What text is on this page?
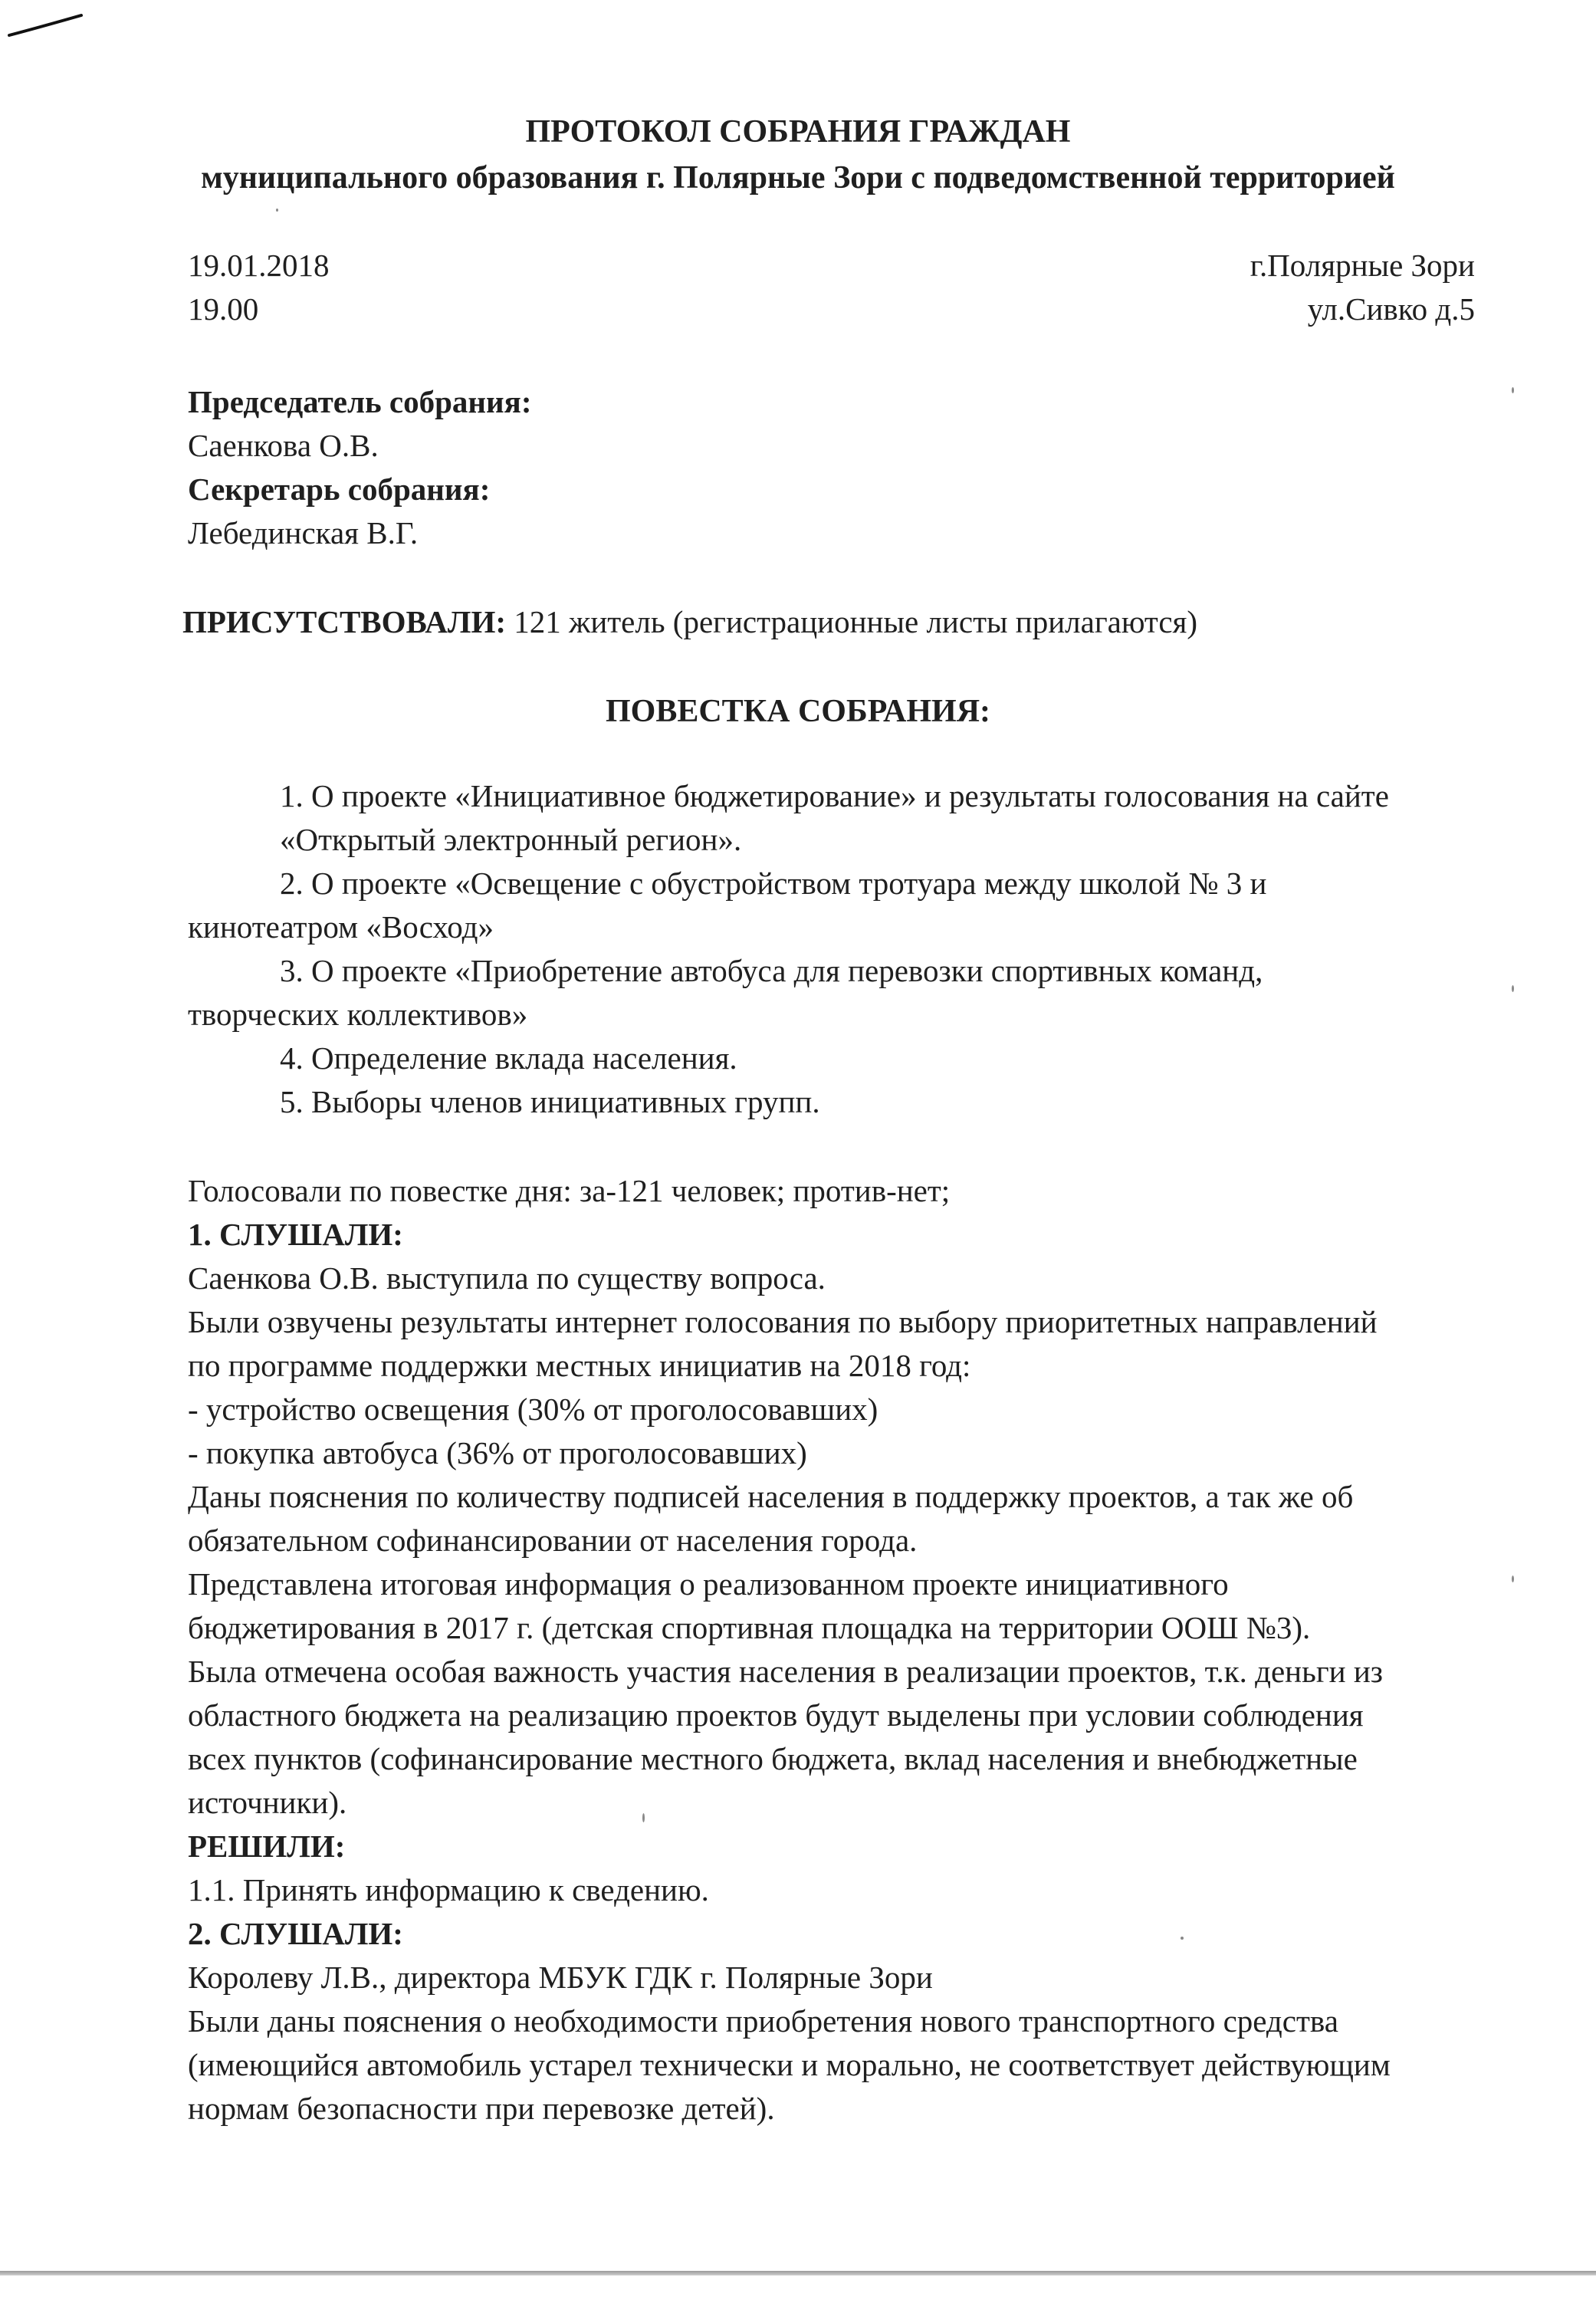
ПРОТОКОЛ СОБРАНИЯ ГРАЖДАН
муниципального образования г. Полярные Зори с подведомственной территорией
19.01.2018
19.00
г.Полярные Зори
ул.Сивко д.5
Председатель собрания:
Саенкова О.В.
Секретарь собрания:
Лебединская В.Г.
ПРИСУТСТВОВАЛИ: 121 житель (регистрационные листы прилагаются)
ПОВЕСТКА СОБРАНИЯ:
1. О проекте «Инициативное бюджетирование» и результаты голосования на сайте
«Открытый электронный регион».
2. О проекте «Освещение с обустройством тротуара между школой № 3 и
кинотеатром «Восход»
3. О проекте «Приобретение автобуса для перевозки спортивных команд,
творческих коллективов»
4. Определение вклада населения.
5. Выборы членов инициативных групп.
Голосовали по повестке дня: за-121 человек; против-нет;
1. СЛУШАЛИ:
Саенкова О.В. выступила по существу вопроса.
Были озвучены результаты интернет голосования по выбору приоритетных направлений
по программе поддержки местных инициатив на 2018 год:
- устройство освещения (30% от проголосовавших)
- покупка автобуса (36% от проголосовавших)
Даны пояснения по количеству подписей населения в поддержку проектов, а так же об
обязательном софинансировании от населения города.
Представлена итоговая информация о реализованном проекте инициативного
бюджетирования в 2017 г. (детская спортивная площадка на территории ООШ №3).
Была отмечена особая важность участия населения в реализации проектов, т.к. деньги из
областного бюджета на реализацию проектов будут выделены при условии соблюдения
всех пунктов (софинансирование местного бюджета, вклад населения и внебюджетные
источники).
РЕШИЛИ:
1.1. Принять информацию к сведению.
2. СЛУШАЛИ:
Королеву Л.В., директора МБУК ГДК г. Полярные Зори
Были даны пояснения о необходимости приобретения нового транспортного средства
(имеющийся автомобиль устарел технически и морально, не соответствует действующим
нормам безопасности при перевозке детей).
